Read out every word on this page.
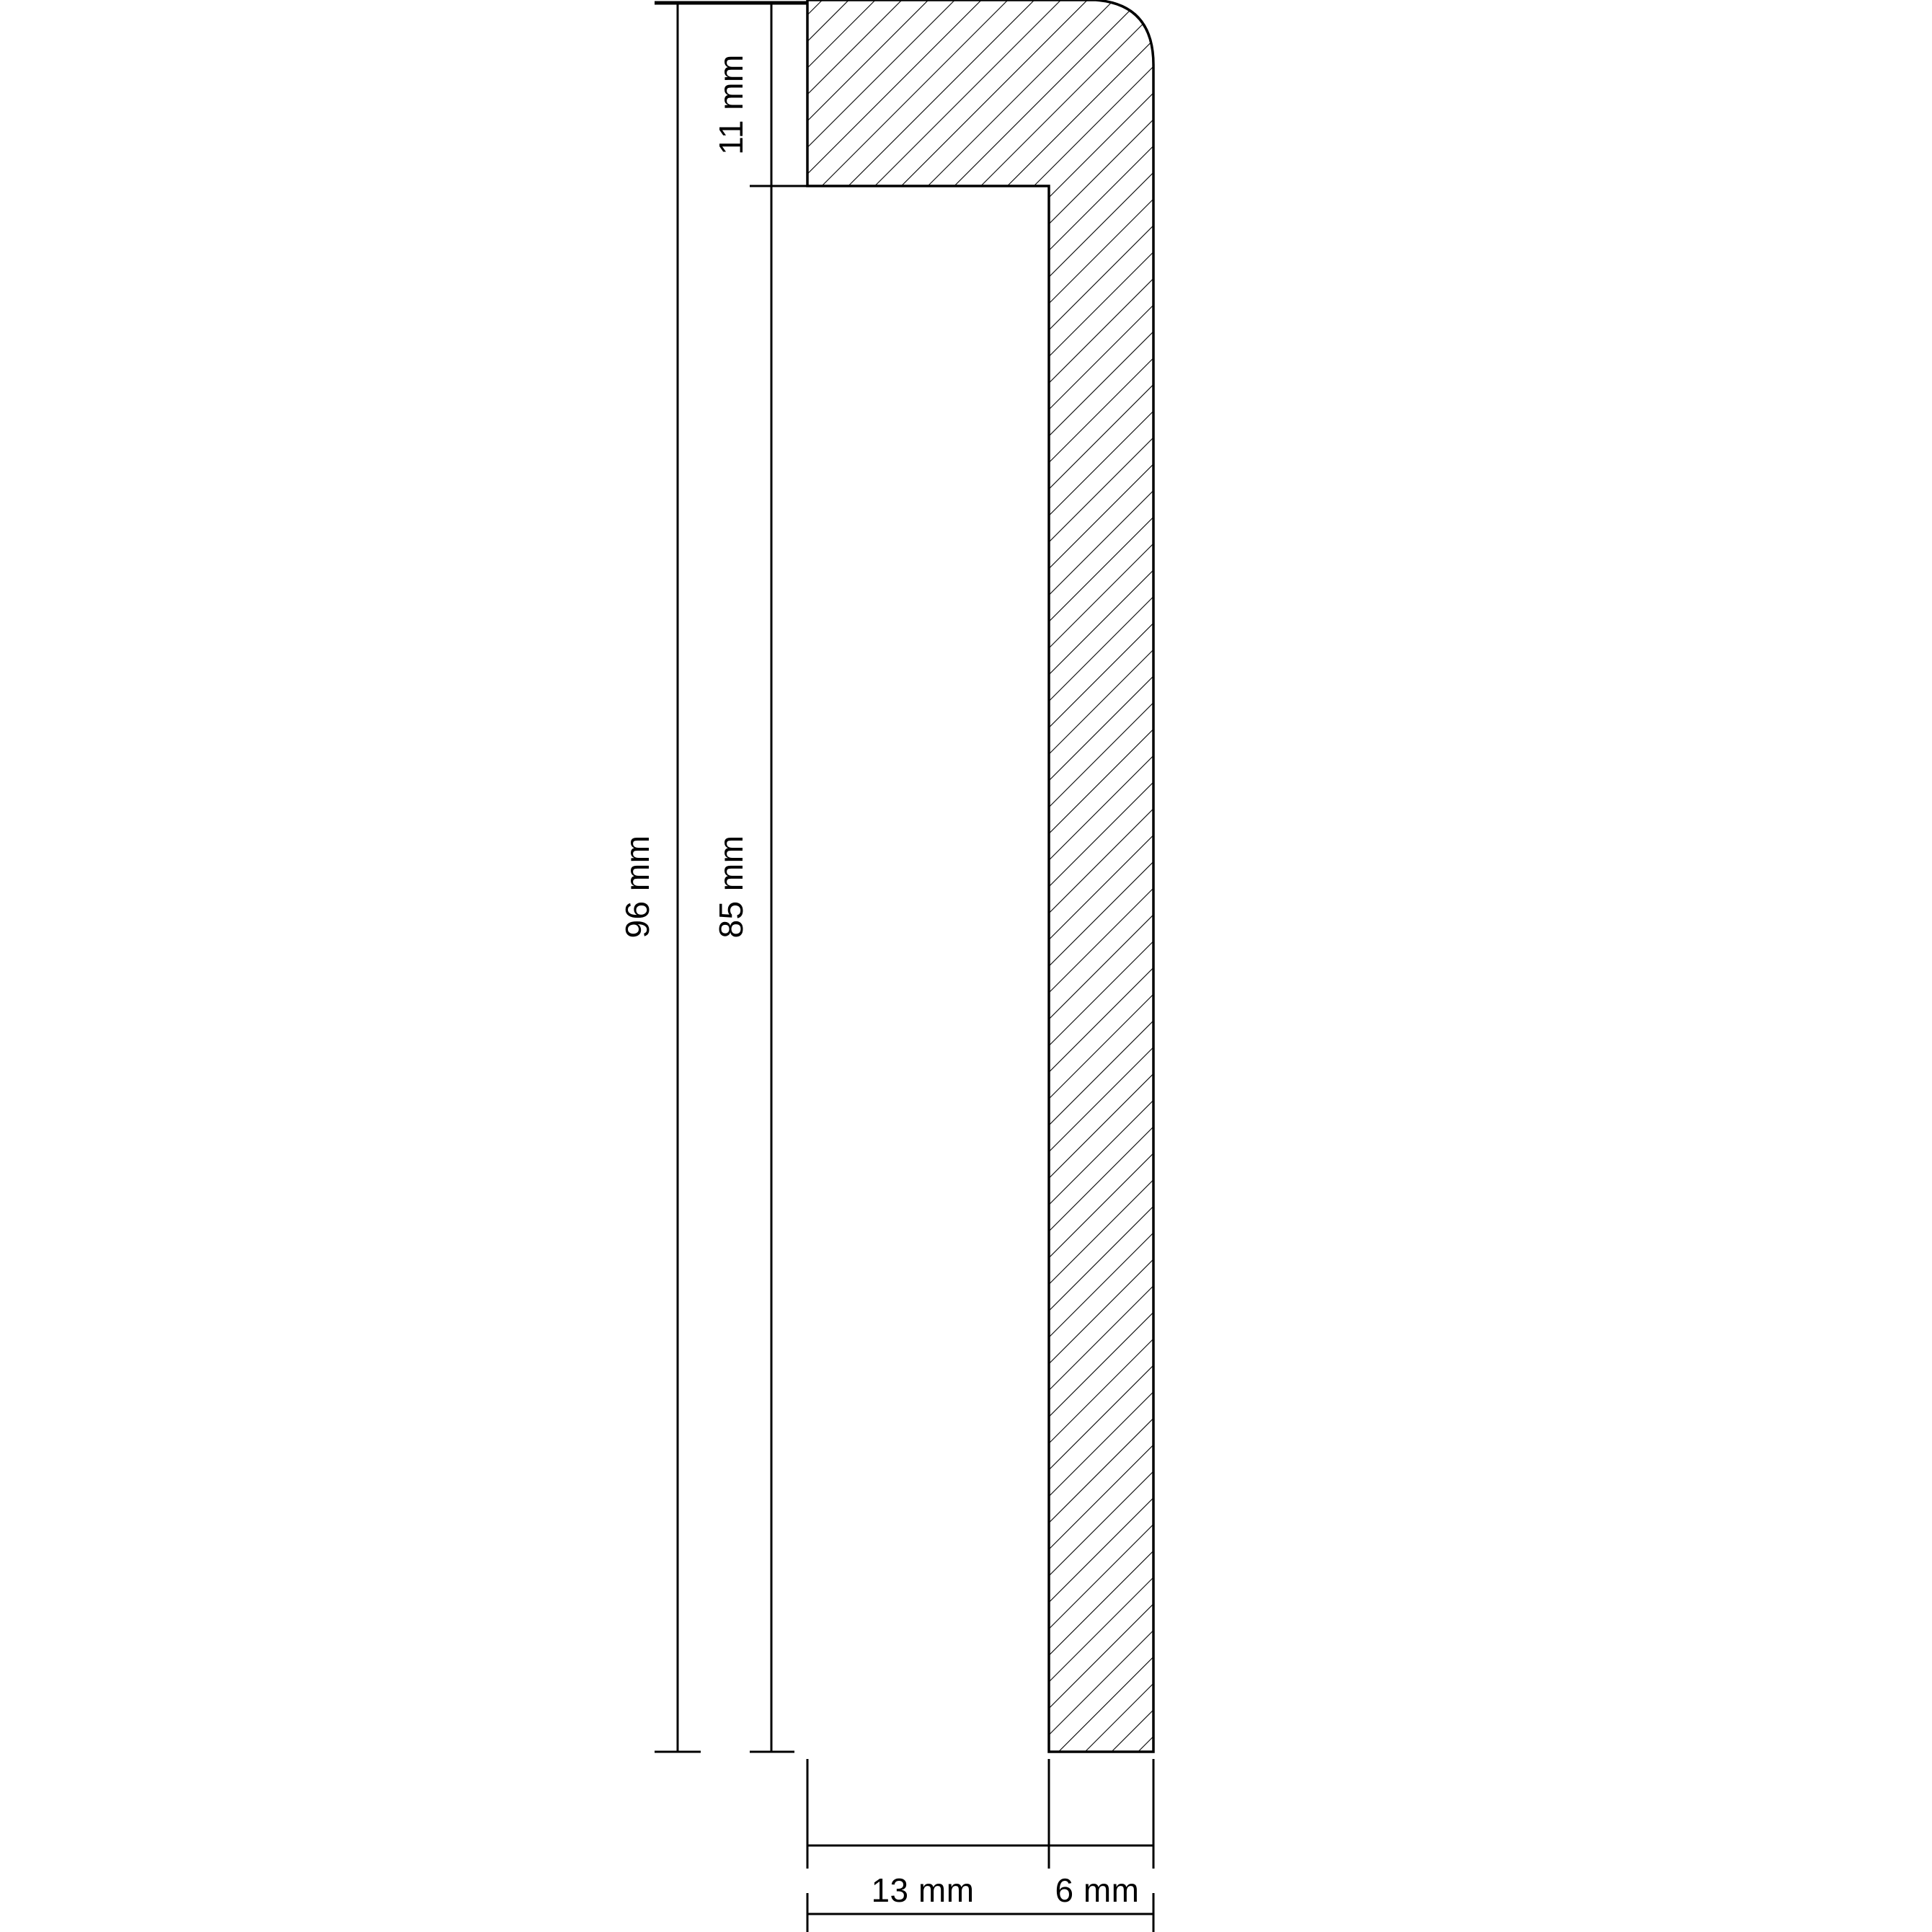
96 mm 85 mm
11 mm
13 mm 6 mm
